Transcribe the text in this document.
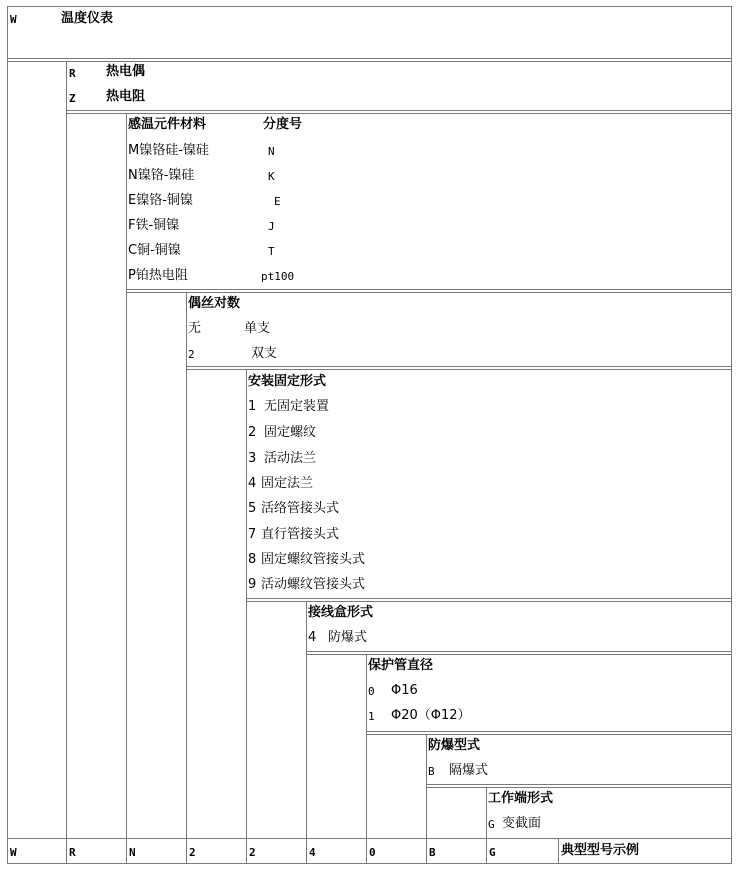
W	温度仪表
R 热电偶
Z 热电阻
感温元件材料	分度号
M镍铬硅-镍硅	N
N镍铬-镍硅	K
E镍铬-铜镍	E
F铁-铜镍	J
C铜-铜镍	T
P铂热电阻	pt100
偶丝对数
无	单支
2	双支
安装固定形式
1 无固定装置
2 固定螺纹
3 活动法兰
4 固定法兰
5 活络管接头式
7 直行管接头式
8 固定螺纹管接头式
9 活动螺纹管接头式
接线盒形式
4 防爆式
保护管直径
0 Φ16
1 Φ20（Φ12）
防爆型式
B 隔爆式
工作端形式
G 变截面
W	R	N	2	2	4	0	B	G	典型型号示例
